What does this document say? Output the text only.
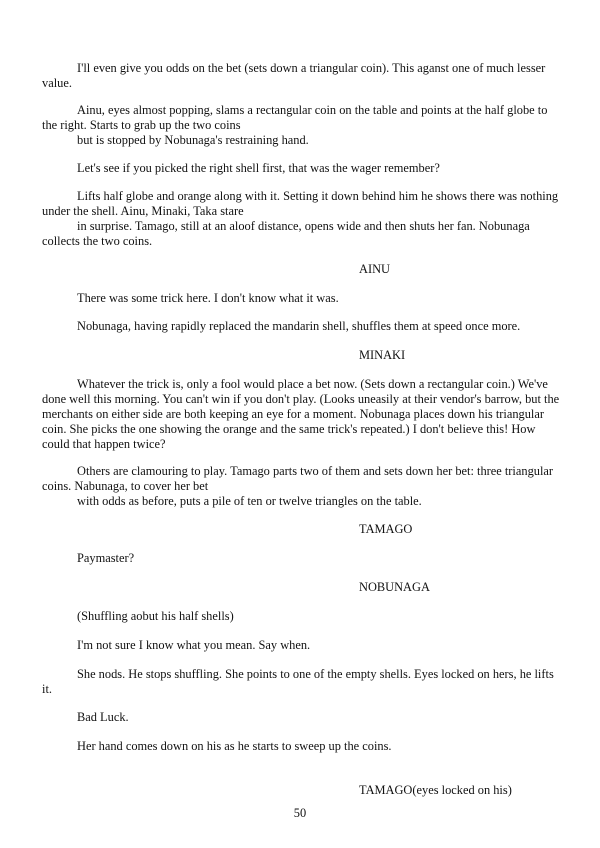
I'll even give you odds on the bet (sets down a triangular coin). This aganst one of much lesser
value.
Ainu, eyes almost popping, slams a rectangular coin on the table and points at the half globe to
the right. Starts to grab up the two coins
but is stopped by Nobunaga's restraining hand.
Let's see if you picked the right shell first, that was the wager remember?
Lifts half globe and orange along with it. Setting it down behind him he shows there was nothing
under the shell. Ainu, Minaki, Taka stare
in surprise. Tamago, still at an aloof distance, opens wide and then shuts her fan. Nobunaga
collects the two coins.
AINU
There was some trick here. I don't know what it was.
Nobunaga, having rapidly replaced the mandarin shell, shuffles them at speed once more.
MINAKI
Whatever the trick is, only a fool would place a bet now. (Sets down a rectangular coin.) We've
done well this morning. You can't win if you don't play. (Looks uneasily at their vendor's barrow, but the
merchants on either side are both keeping an eye for a moment. Nobunaga places down his triangular
coin. She picks the one showing the orange and the same trick's repeated.) I don't believe this! How
could that happen twice?
Others are clamouring to play. Tamago parts two of them and sets down her bet: three triangular
coins. Nabunaga, to cover her bet
with odds as before, puts a pile of ten or twelve triangles on the table.
TAMAGO
Paymaster?
NOBUNAGA
(Shuffling aobut his half shells)
I'm not sure I know what you mean. Say when.
She nods. He stops shuffling. She points to one of the empty shells. Eyes locked on hers, he lifts
it.
Bad Luck.
Her hand comes down on his as he starts to sweep up the coins.
TAMAGO(eyes locked on his)
50
